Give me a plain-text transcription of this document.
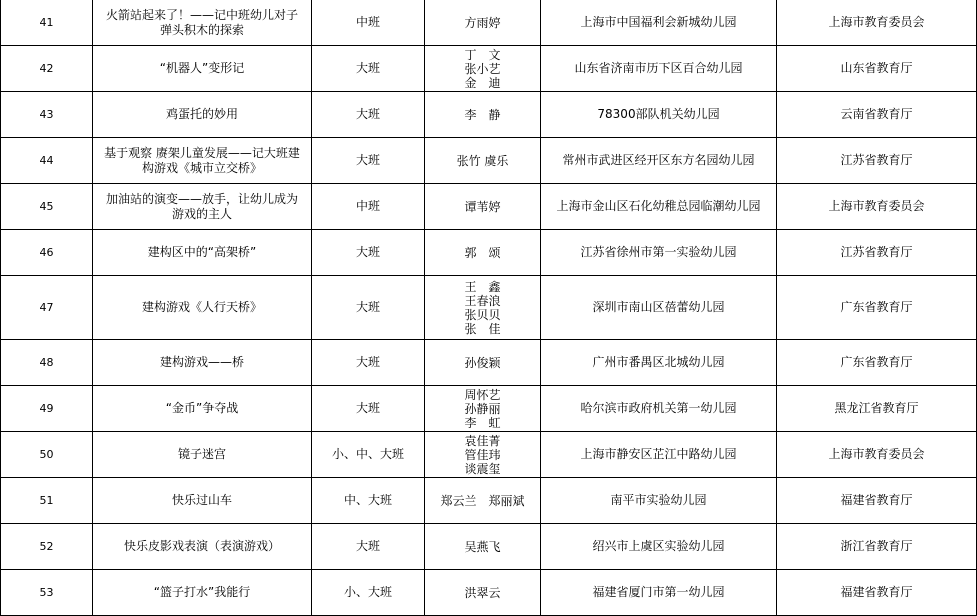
41	火箭站起来了！——记中班幼儿对子
弹头积木的探索	中班	方雨婷	上海市中国福利会新城幼儿园	上海市教育委员会
42	“机器人”变形记	大班	丁　文
张小艺
金　迪	山东省济南市历下区百合幼儿园	山东省教育厅
43	鸡蛋托的妙用	大班	李　静	78300部队机关幼儿园	云南省教育厅
44	基于观察 赓架儿童发展——记大班建
构游戏《城市立交桥》	大班	张竹 虞乐	常州市武进区经开区东方名园幼儿园	江苏省教育厅
45	加油站的演变——放手，让幼儿成为
游戏的主人	中班	谭苇婷	上海市金山区石化幼稚总园临潮幼儿园	上海市教育委员会
46	建构区中的“高架桥”	大班	郭　颂	江苏省徐州市第一实验幼儿园	江苏省教育厅
47	建构游戏《人行天桥》	大班	王　鑫
王春浪
张贝贝
张　佳	深圳市南山区蓓蕾幼儿园	广东省教育厅
48	建构游戏——桥	大班	孙俊颖	广州市番禺区北城幼儿园	广东省教育厅
49	“金币”争夺战	大班	周怀艺
孙静丽
李　虹	哈尔滨市政府机关第一幼儿园	黑龙江省教育厅
50	镜子迷宫	小、中、大班	袁佳菁
管佳玮
谈震玺	上海市静安区芷江中路幼儿园	上海市教育委员会
51	快乐过山车	中、大班	郑云兰　郑丽斌	南平市实验幼儿园	福建省教育厅
52	快乐皮影戏表演（表演游戏）	大班	吴燕飞	绍兴市上虞区实验幼儿园	浙江省教育厅
53	“篮子打水”我能行	小、大班	洪翠云	福建省厦门市第一幼儿园	福建省教育厅
